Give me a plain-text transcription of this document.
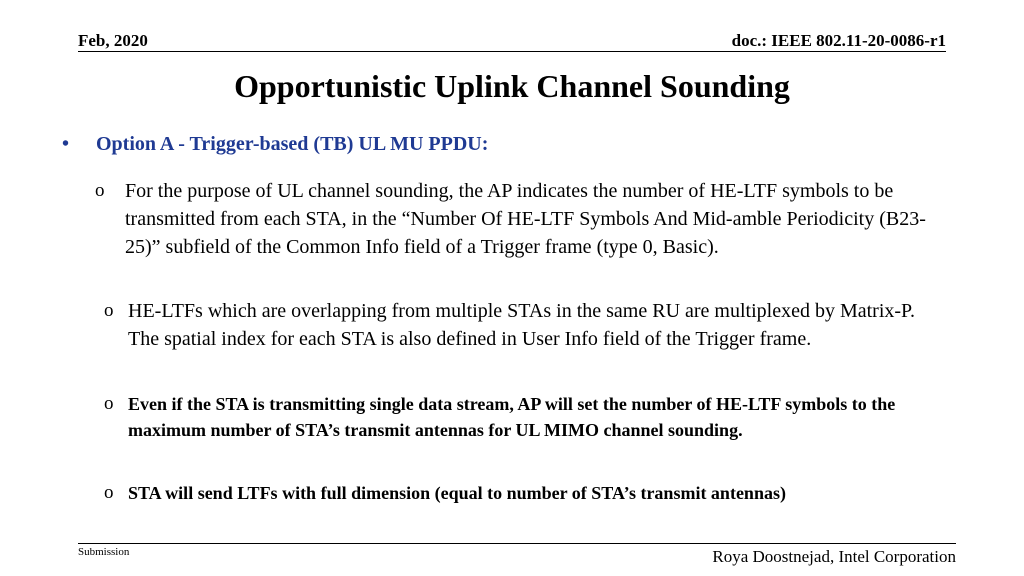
Feb, 2020	doc.: IEEE 802.11-20-0086-r1
Opportunistic Uplink Channel Sounding
• Option A - Trigger-based (TB) UL MU PPDU:
o For the purpose of UL channel sounding, the AP indicates the number of HE-LTF symbols to be transmitted from each STA, in the “Number Of HE-LTF Symbols And Mid-amble Periodicity (B23-25)” subfield of the Common Info field of a Trigger frame (type 0, Basic).
o HE-LTFs which are overlapping from multiple STAs in the same RU are multiplexed by Matrix-P. The spatial index for each STA is also defined in User Info field of the Trigger frame.
o Even if the STA is transmitting single data stream, AP will set the number of HE-LTF symbols to the maximum number of STA’s transmit antennas for UL MIMO channel sounding.
o STA will send LTFs with full dimension (equal to number of STA’s transmit antennas)
Submission	Roya Doostnejad, Intel Corporation
